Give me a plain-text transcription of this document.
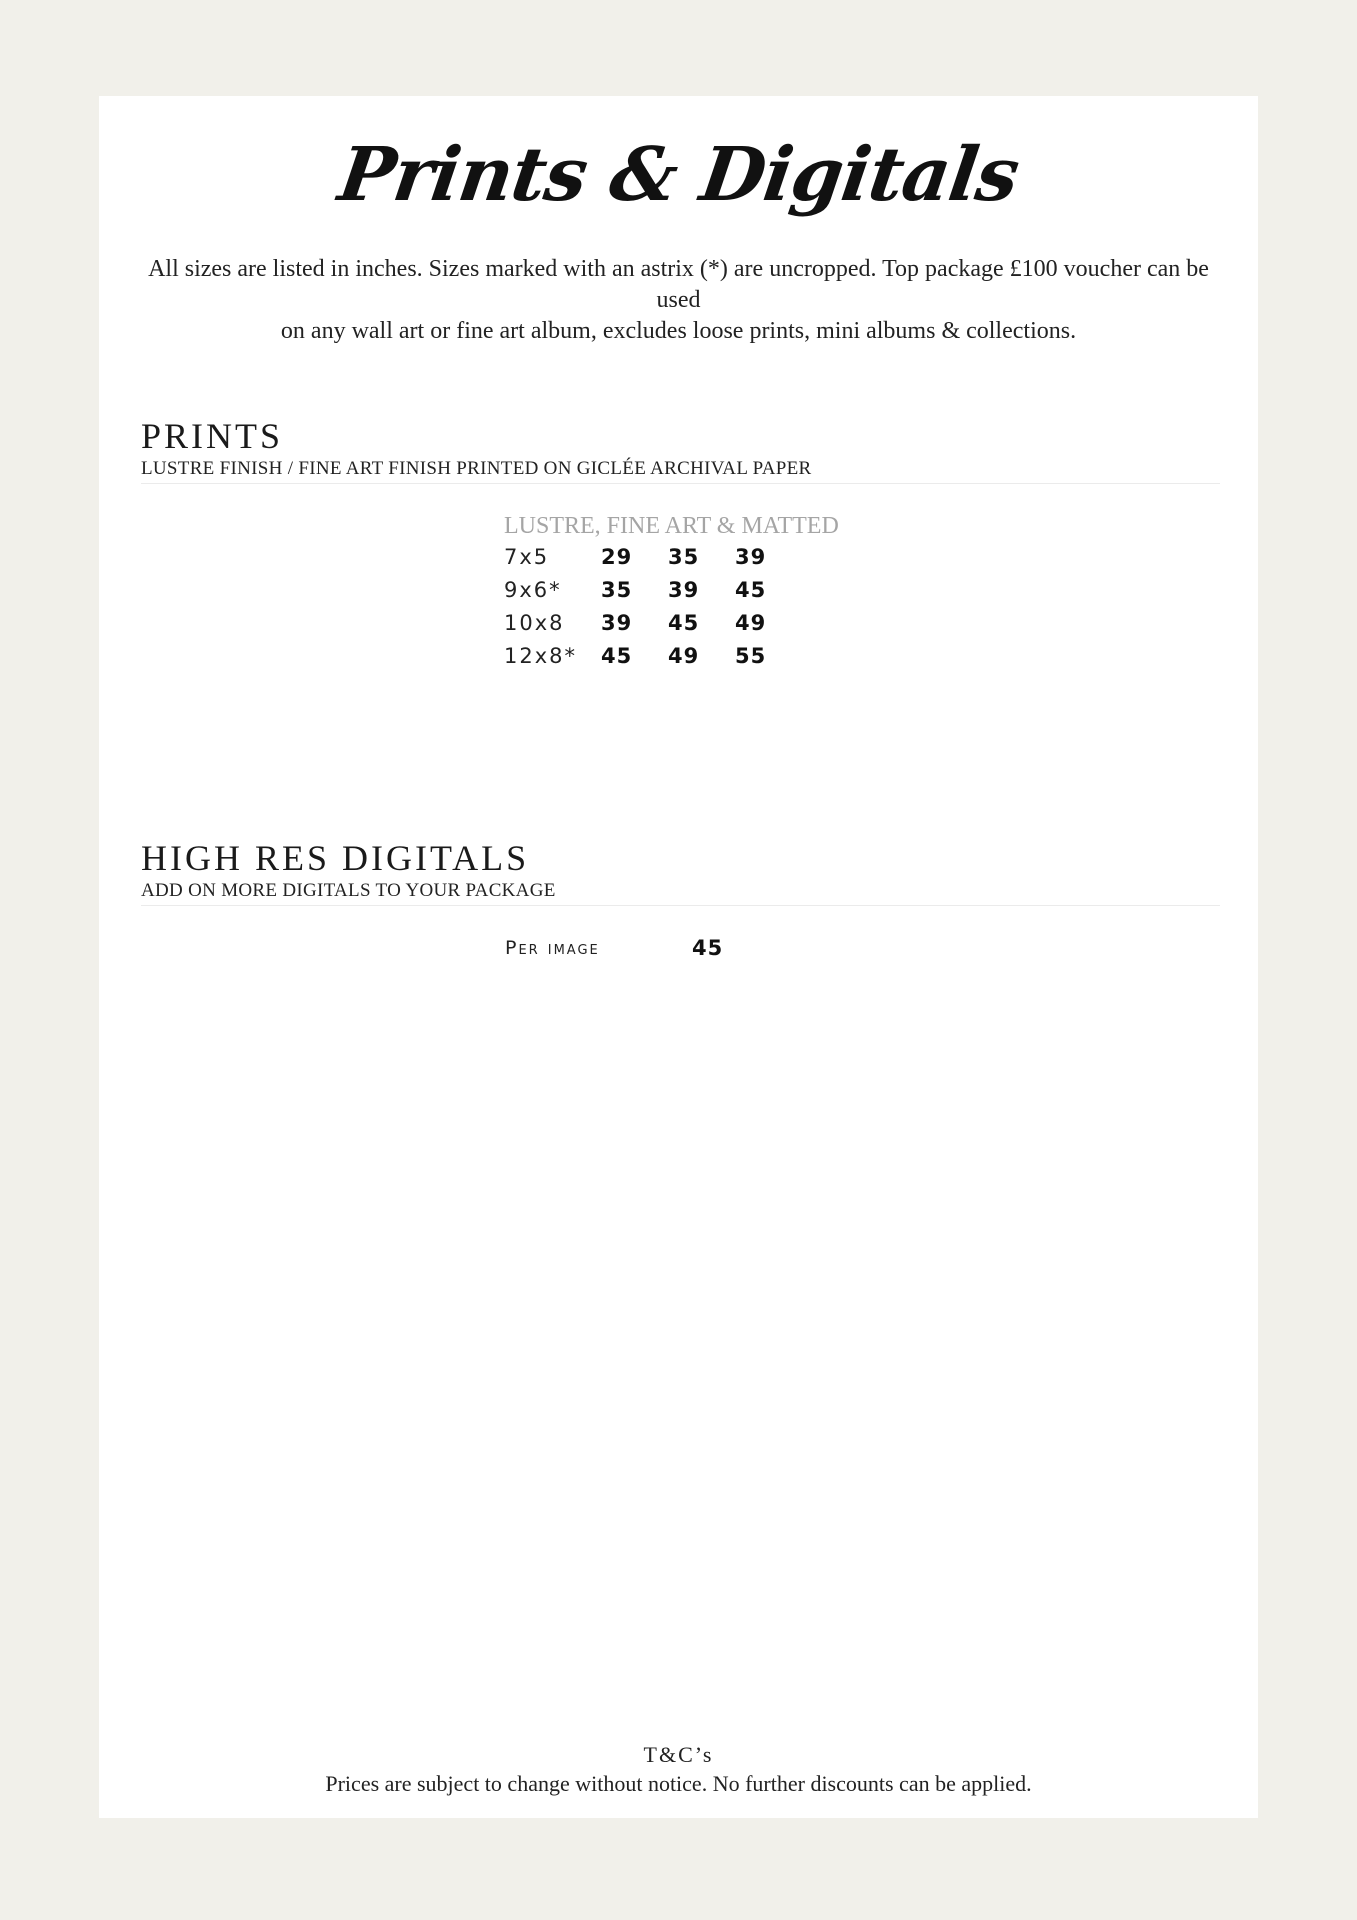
Prints & Digitals
All sizes are listed in inches. Sizes marked with an astrix (*) are uncropped. Top package £100 voucher can be used
on any wall art or fine art album, excludes loose prints, mini albums & collections.
PRINTS
LUSTRE FINISH / FINE ART FINISH PRINTED ON GICLÉE ARCHIVAL PAPER
LUSTRE, FINE ART & MATTED
7x5 29 35 39
9x6* 35 39 45
10x8 39 45 49
12x8* 45 49 55
HIGH RES DIGITALS
ADD ON MORE DIGITALS TO YOUR PACKAGE
Per image	45
T&C’s
Prices are subject to change without notice. No further discounts can be applied.
